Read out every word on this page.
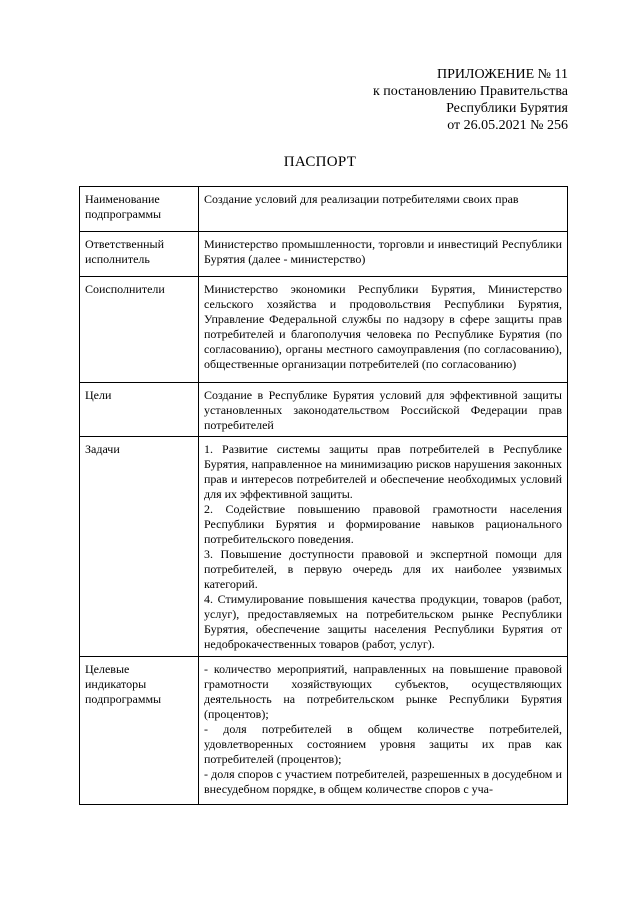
ПРИЛОЖЕНИЕ № 11
к постановлению Правительства
Республики Бурятия
от 26.05.2021 № 256
ПАСПОРТ
Наименование подпрограммы	Создание условий для реализации потребителями своих прав
Ответственный исполнитель	Министерство промышленности, торговли и инвестиций Республики Бурятия (далее - министерство)
Соисполнители	Министерство экономики Республики Бурятия, Министерство сельского хозяйства и продовольствия Республики Бурятия, Управление Федеральной службы по надзору в сфере защиты прав потребителей и благополучия человека по Республике Бурятия (по согласованию), органы местного самоуправления (по согласованию), общественные организации потребителей (по согласованию)
Цели	Создание в Республике Бурятия условий для эффективной защиты установленных законодательством Российской Федерации прав потребителей
Задачи	1. Развитие системы защиты прав потребителей в Республике Бурятия, направленное на минимизацию рисков нарушения законных прав и интересов потребителей и обеспечение необходимых условий для их эффективной защиты.

2. Содействие повышению правовой грамотности населения Республики Бурятия и формирование навыков рационального потребительского поведения.

3. Повышение доступности правовой и экспертной помощи для потребителей, в первую очередь для их наиболее уязвимых категорий.

4. Стимулирование повышения качества продукции, товаров (работ, услуг), предоставляемых на потребительском рынке Республики Бурятия, обеспечение защиты населения Республики Бурятия от недоброкачественных товаров (работ, услуг).

Целевые индикаторы подпрограммы	- количество мероприятий, направленных на повышение правовой грамотности хозяйствующих субъектов, осуществляющих деятельность на потребительском рынке Республики Бурятия (процентов);

- доля потребителей в общем количестве потребителей, удовлетворенных состоянием уровня защиты их прав как потребителей (процентов);

- доля споров с участием потребителей, разрешенных в досудебном и внесудебном порядке, в общем количестве споров с уча-
